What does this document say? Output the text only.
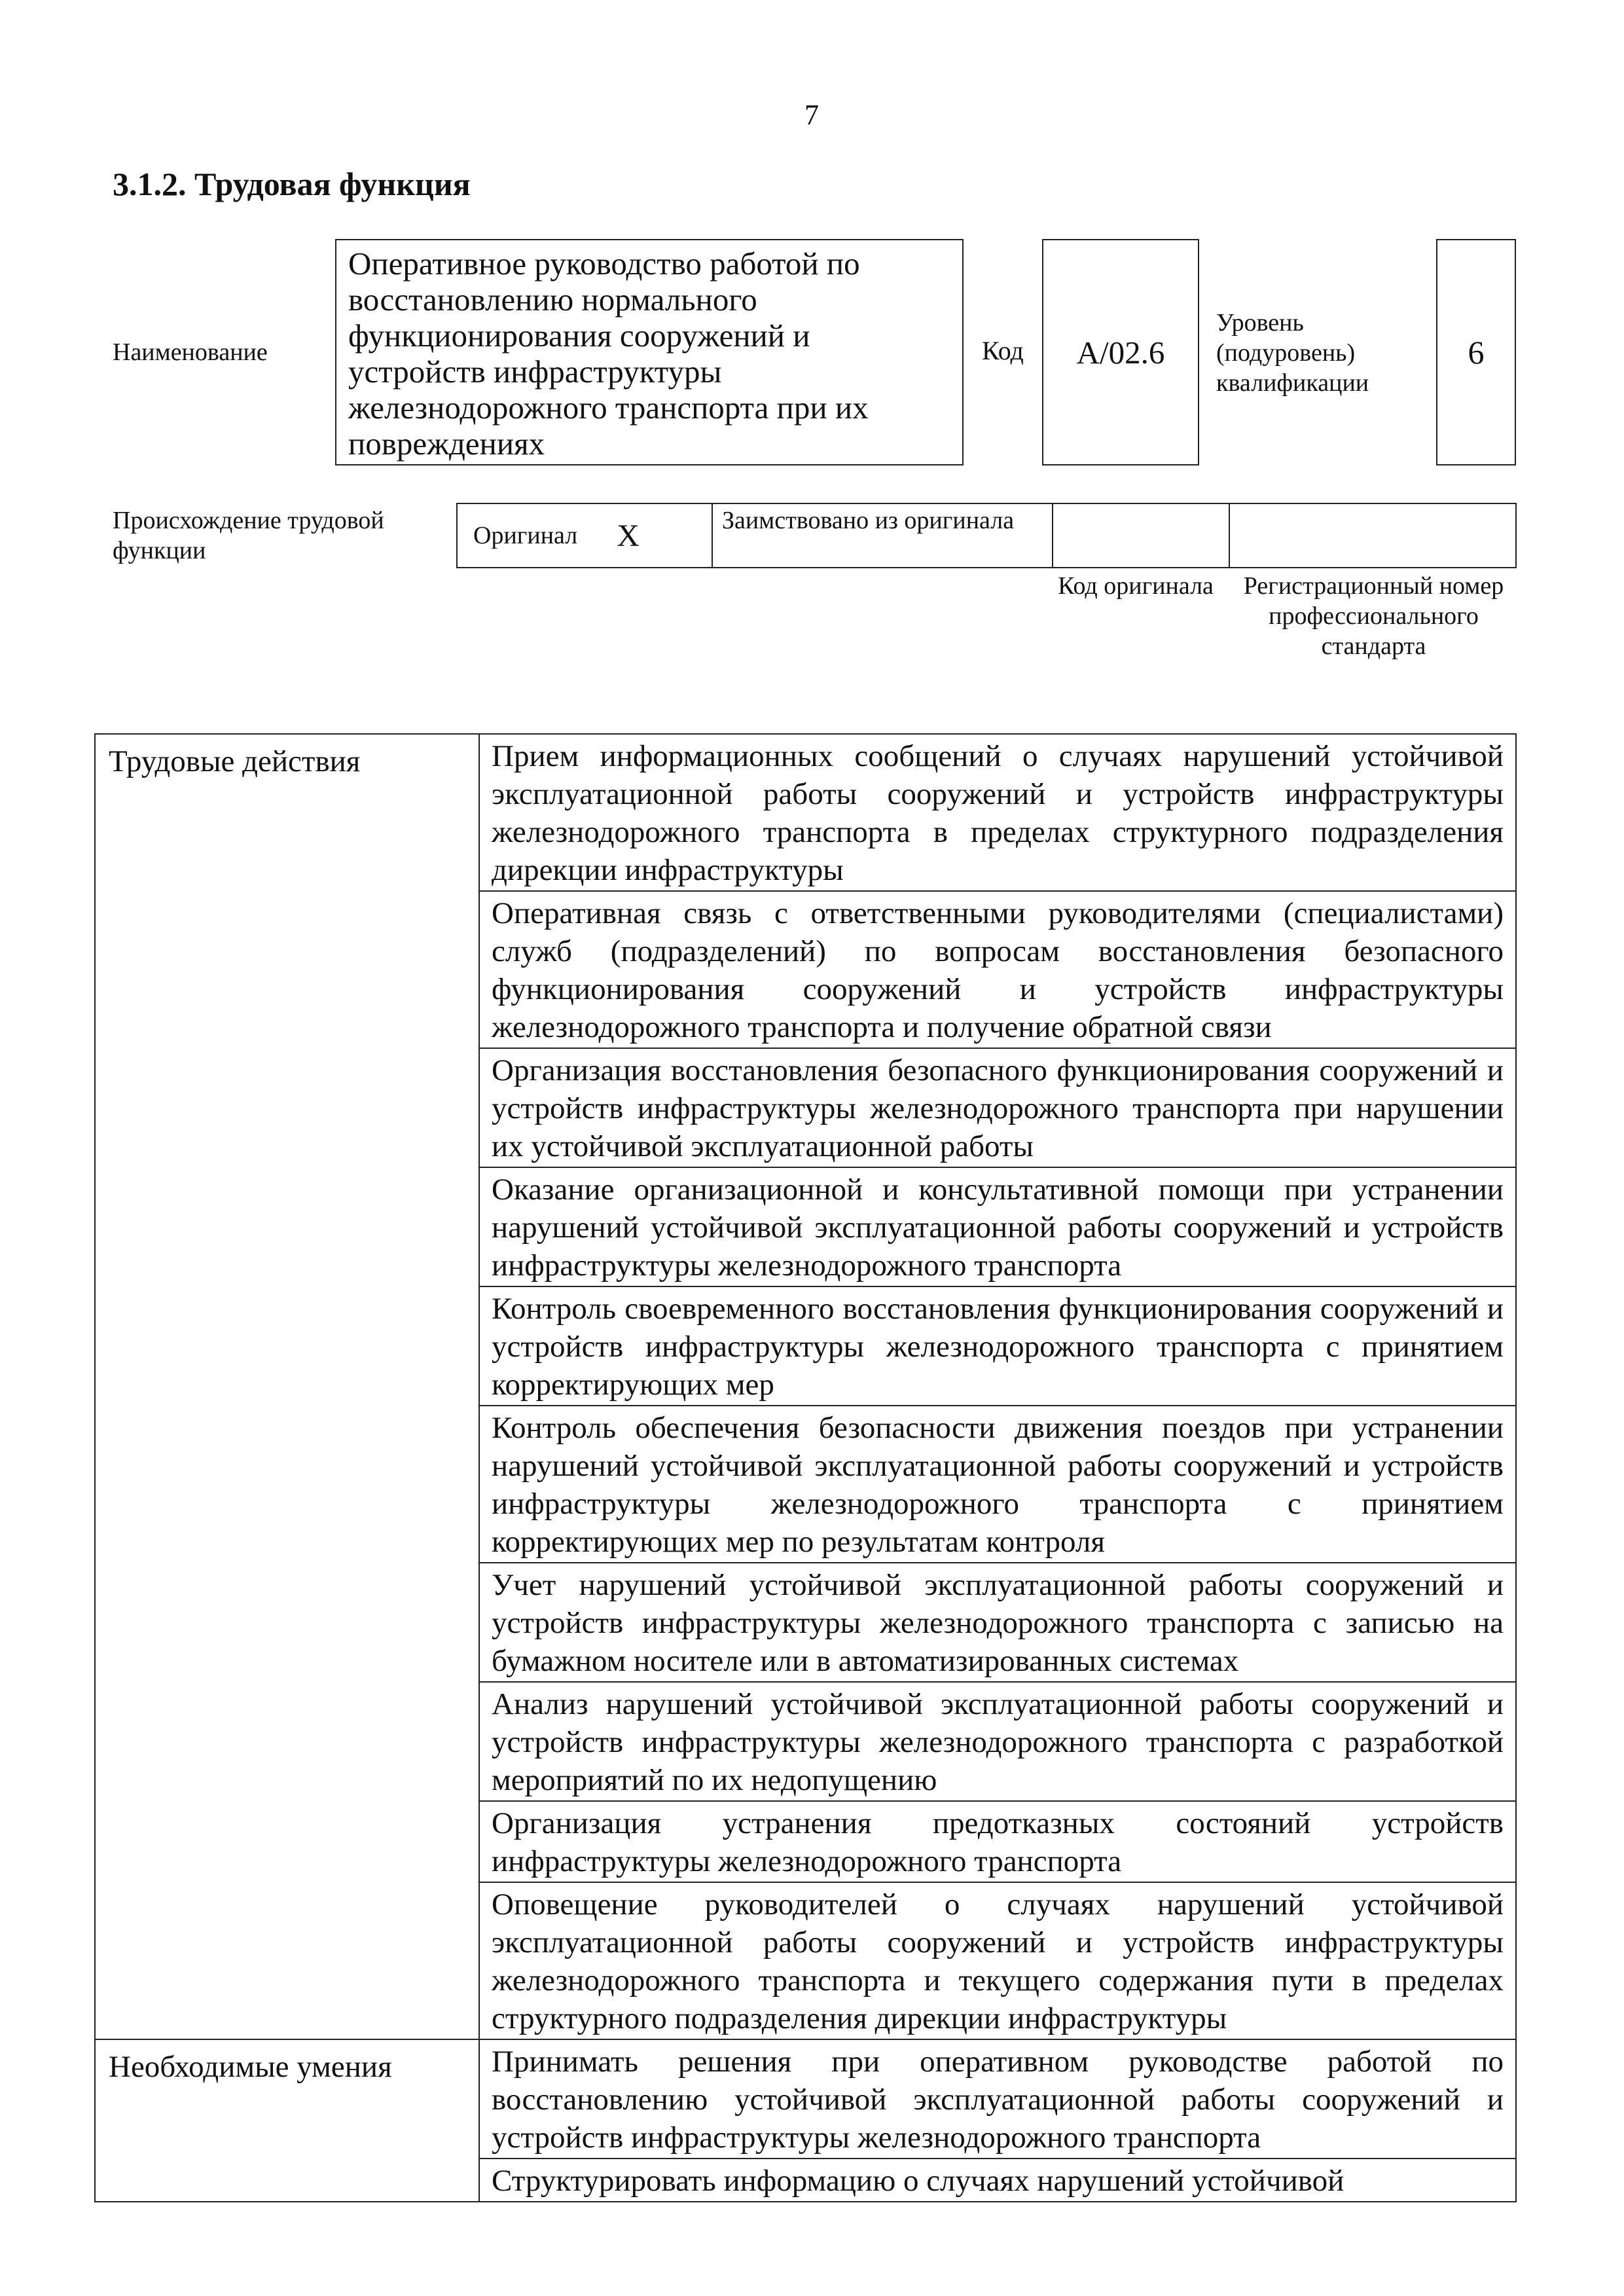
7
3.1.2. Трудовая функция
Наименование
Оперативное руководство работой по восстановлению нормального функционирования сооружений и устройств инфраструктуры железнодорожного транспорта при их повреждениях
Код А/02.6
Уровень (подуровень) квалификации
6
Происхождение трудовой функции
Оригинал X	Заимствовано из оригинала
Код оригинала	Регистрационный номер профессионального стандарта
Трудовые действия	Прием информационных сообщений о случаях нарушений устойчивой эксплуатационной работы сооружений и устройств инфраструктуры железнодорожного транспорта в пределах структурного подразделения дирекции инфраструктуры
	Оперативная связь с ответственными руководителями (специалистами) служб (подразделений) по вопросам восстановления безопасного функционирования сооружений и устройств инфраструктуры железнодорожного транспорта и получение обратной связи
	Организация восстановления безопасного функционирования сооружений и устройств инфраструктуры железнодорожного транспорта при нарушении их устойчивой эксплуатационной работы
	Оказание организационной и консультативной помощи при устранении нарушений устойчивой эксплуатационной работы сооружений и устройств инфраструктуры железнодорожного транспорта
	Контроль своевременного восстановления функционирования сооружений и устройств инфраструктуры железнодорожного транспорта с принятием корректирующих мер
	Контроль обеспечения безопасности движения поездов при устранении нарушений устойчивой эксплуатационной работы сооружений и устройств инфраструктуры железнодорожного транспорта с принятием корректирующих мер по результатам контроля
	Учет нарушений устойчивой эксплуатационной работы сооружений и устройств инфраструктуры железнодорожного транспорта с записью на бумажном носителе или в автоматизированных системах
	Анализ нарушений устойчивой эксплуатационной работы сооружений и устройств инфраструктуры железнодорожного транспорта с разработкой мероприятий по их недопущению
	Организация устранения предотказных состояний устройств инфраструктуры железнодорожного транспорта
	Оповещение руководителей о случаях нарушений устойчивой эксплуатационной работы сооружений и устройств инфраструктуры железнодорожного транспорта и текущего содержания пути в пределах структурного подразделения дирекции инфраструктуры
Необходимые умения	Принимать решения при оперативном руководстве работой по восстановлению устойчивой эксплуатационной работы сооружений и устройств инфраструктуры железнодорожного транспорта
	Структурировать информацию о случаях нарушений устойчивой
